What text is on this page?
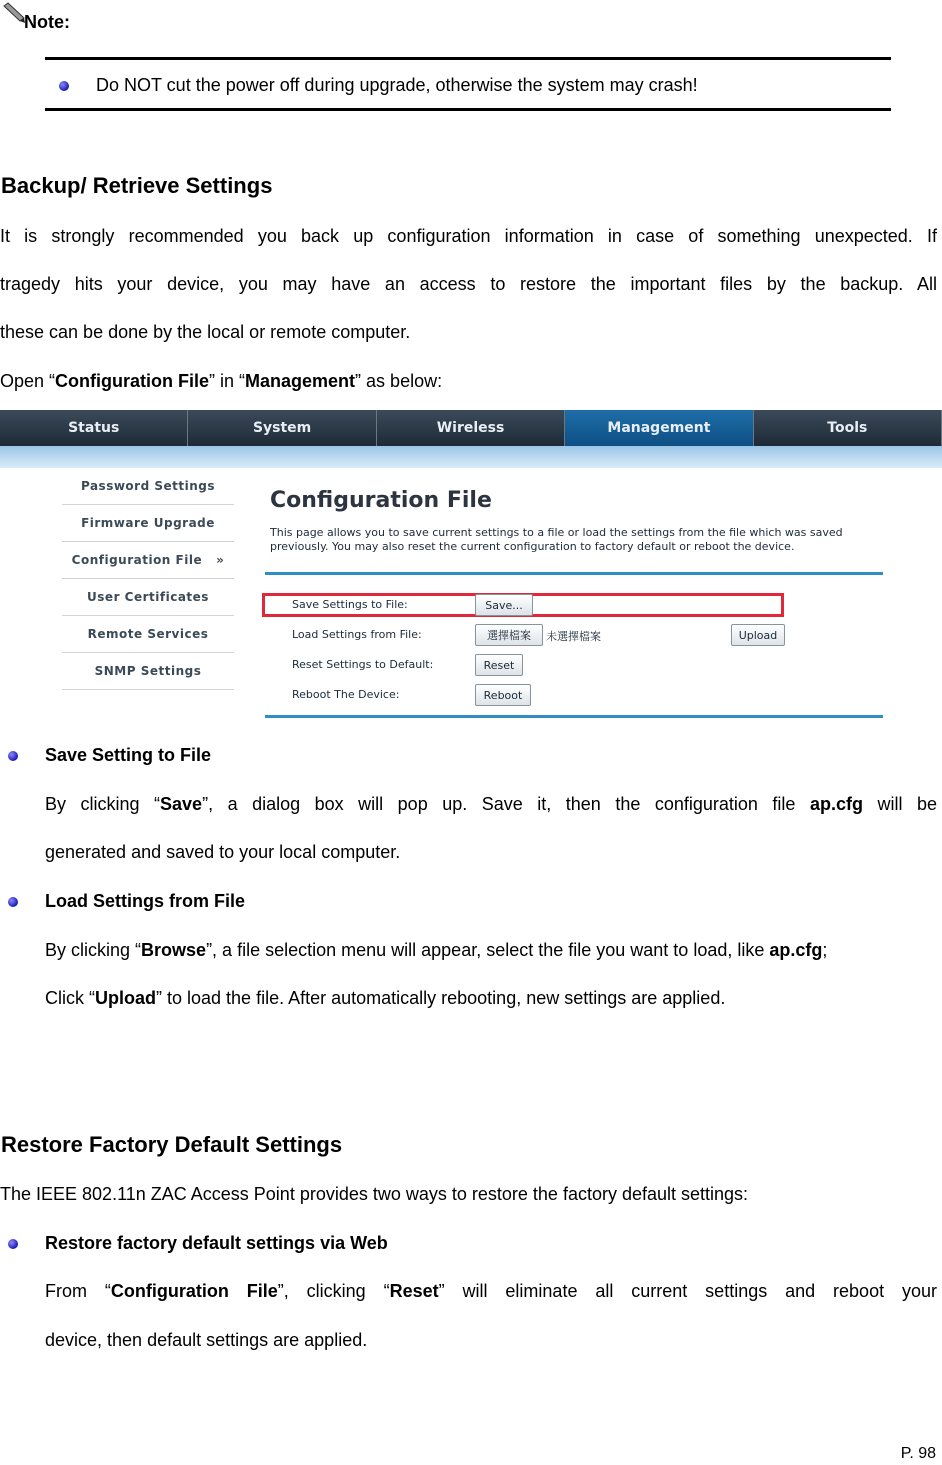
Note:
Do NOT cut the power off during upgrade, otherwise the system may crash!
Backup/ Retrieve Settings
It is strongly recommended you back up configuration information in case of something unexpected. If
tragedy hits your device, you may have an access to restore the important files by the backup. All
these can be done by the local or remote computer.
Open “Configuration File” in “Management” as below:
Status	System	Wireless	Management	Tools
Password Settings
Firmware Upgrade
Configuration File »
User Certificates
Remote Services
SNMP Settings
Configuration File
This page allows you to save current settings to a file or load the settings from the file which was saved previously. You may also reset the current configuration to factory default or reboot the device.
Save Settings to File:	Save...
Load Settings from File:	選擇檔案	未選擇檔案	Upload
Reset Settings to Default:	Reset
Reboot The Device:	Reboot
Save Setting to File
By clicking “Save”, a dialog box will pop up. Save it, then the configuration file ap.cfg will be
generated and saved to your local computer.
Load Settings from File
By clicking “Browse”, a file selection menu will appear, select the file you want to load, like ap.cfg;
Click “Upload” to load the file. After automatically rebooting, new settings are applied.
Restore Factory Default Settings
The IEEE 802.11n ZAC Access Point provides two ways to restore the factory default settings:
Restore factory default settings via Web
From “Configuration File”, clicking “Reset” will eliminate all current settings and reboot your
device, then default settings are applied.
P. 98
